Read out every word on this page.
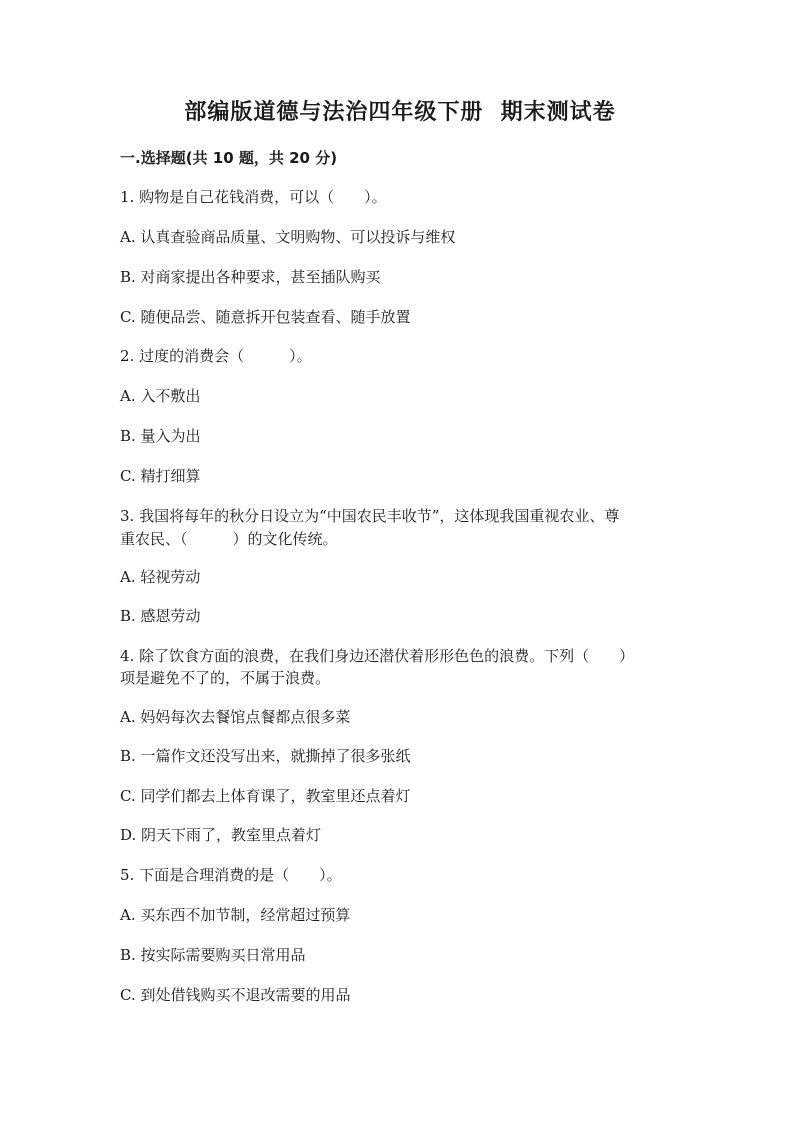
部编版道德与法治四年级下册  期末测试卷
一.选择题(共 10 题，共 20 分)
1. 购物是自己花钱消费，可以（　　）。
A. 认真查验商品质量、文明购物、可以投诉与维权
B. 对商家提出各种要求，甚至插队购买
C. 随便品尝、随意拆开包装查看、随手放置
2. 过度的消费会（　　　）。
A. 入不敷出
B. 量入为出
C. 精打细算
3. 我国将每年的秋分日设立为“中国农民丰收节”，这体现我国重视农业、尊
重农民、（　　　）的文化传统。
A. 轻视劳动
B. 感恩劳动
4. 除了饮食方面的浪费，在我们身边还潜伏着形形色色的浪费。下列（　　）
项是避免不了的，不属于浪费。
A. 妈妈每次去餐馆点餐都点很多菜
B. 一篇作文还没写出来，就撕掉了很多张纸
C. 同学们都去上体育课了，教室里还点着灯
D. 阴天下雨了，教室里点着灯
5. 下面是合理消费的是（　　）。
A. 买东西不加节制，经常超过预算
B. 按实际需要购买日常用品
C. 到处借钱购买不退改需要的用品
